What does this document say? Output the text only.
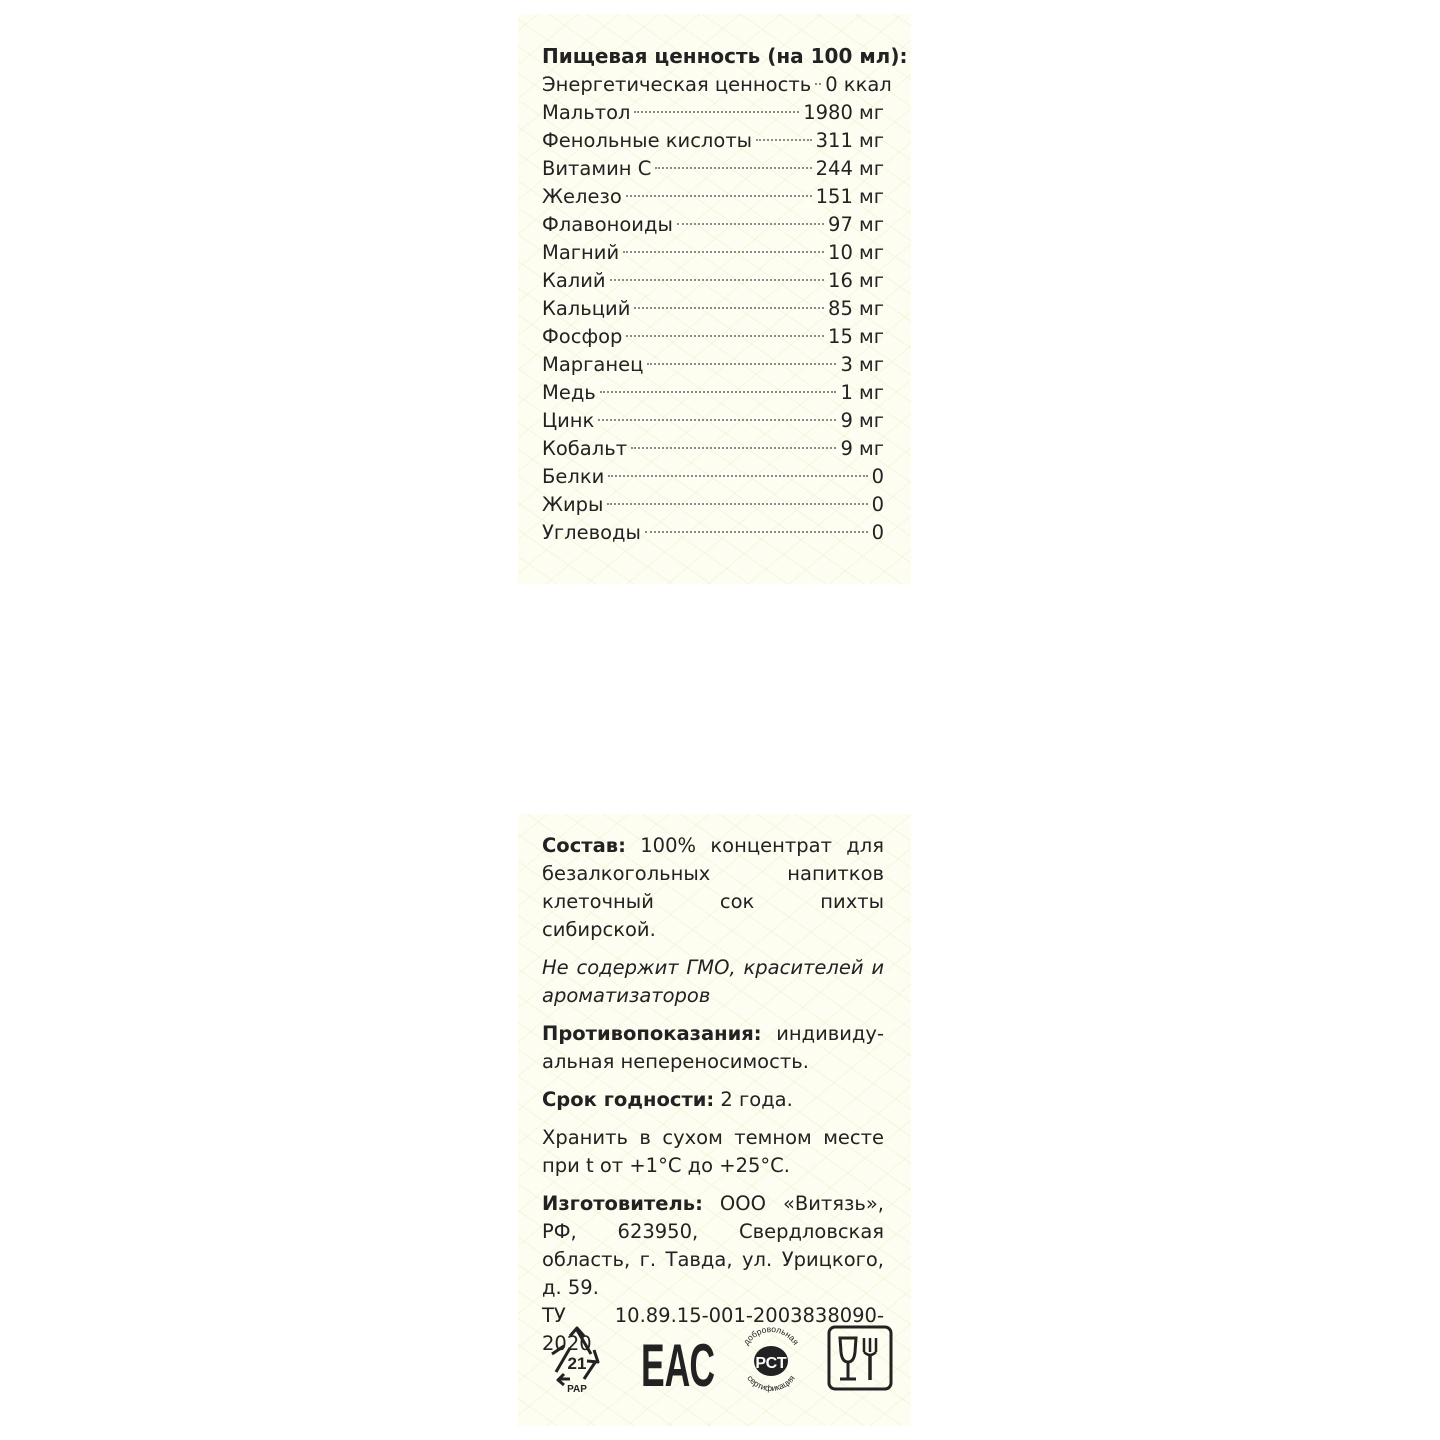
Пищевая ценность (на 100 мл):
Энергетическая ценность 0 ккал
Мальтол	1980 мг
Фенольные кислоты	311 мг
Витамин С	244 мг
Железо	151 мг
Флавоноиды	97 мг
Магний	10 мг
Калий	16 мг
Кальций	85 мг
Фосфор	15 мг
Марганец	3 мг
Медь	1 мг
Цинк	9 мг
Кобальт	9 мг
Белки	0
Жиры	0
Углеводы	0

Состав: 100% концентрат для безалкогольных напитков клеточный сок пихты сибирской.

Не содержит ГМО, красителей и ароматизаторов

Противопоказания: индивиду-альная непереносимость.

Срок годности: 2 года.

Хранить в сухом темном месте при t от +1°С до +25°С.

Изготовитель: ООО «Витязь», РФ, 623950, Свердловская область, г. Тавда, ул. Урицкого, д. 59.

ТУ 10.89.15-001-2003838090-2020

21
PAP ЕАС	добровольная
РСТ
сертификация
